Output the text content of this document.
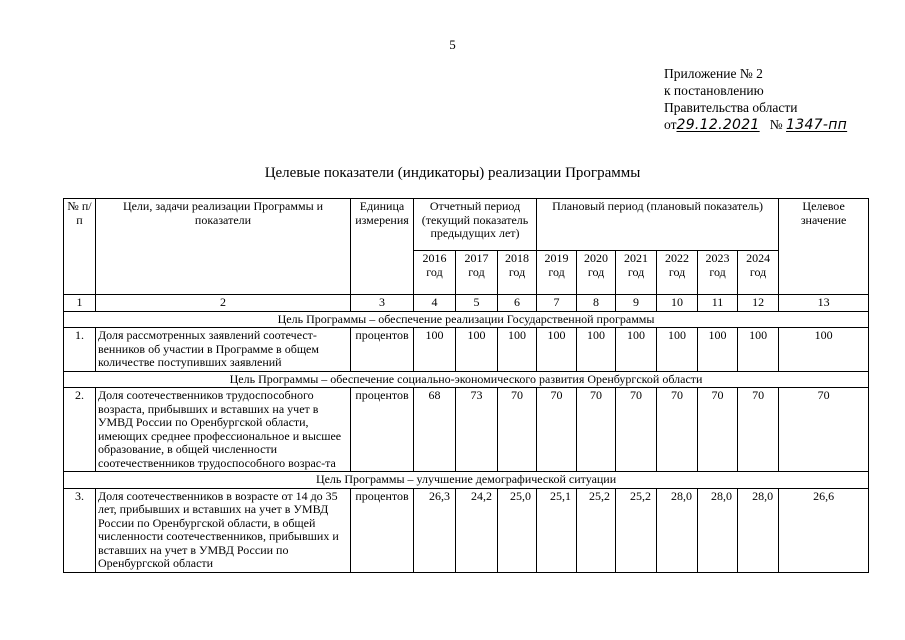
5
Приложение № 2
к постановлению
Правительства области
от29.12.2021 № 1347-пп
Целевые показатели (индикаторы) реализации Программы
№ п/п	Цели, задачи реализации Программы и показатели	Единица измерения	Отчетный период (текущий показатель предыдущих лет)			Плановый период (плановый показатель)						Целевое значение
			2016 год	2017 год	2018 год	2019 год	2020 год	2021 год	2022 год	2023 год	2024 год	
1	2	3	4	5	6	7	8	9	10	11	12	13
Цель Программы – обеспечение реализации Государственной программы												
1.	Доля рассмотренных заявлений соотечест-венников об участии в Программе в общем количестве поступивших заявлений	процентов	100	100	100	100	100	100	100	100	100	100
Цель Программы – обеспечение социально-экономического развития Оренбургской области												
2.	Доля соотечественников трудоспособного возраста, прибывших и вставших на учет в УМВД России по Оренбургской области, имеющих среднее профессиональное и высшее образование, в общей численности соотечественников трудоспособного возрас-та	процентов	68	73	70	70	70	70	70	70	70	70
Цель Программы – улучшение демографической ситуации												
3.	Доля соотечественников в возрасте от 14 до 35 лет, прибывших и вставших на учет в УМВД России по Оренбургской области, в общей численности соотечественников, прибывших и вставших на учет в УМВД России по Оренбургской области	процентов	26,3	24,2	25,0	25,1	25,2	25,2	28,0	28,0	28,0	26,6
